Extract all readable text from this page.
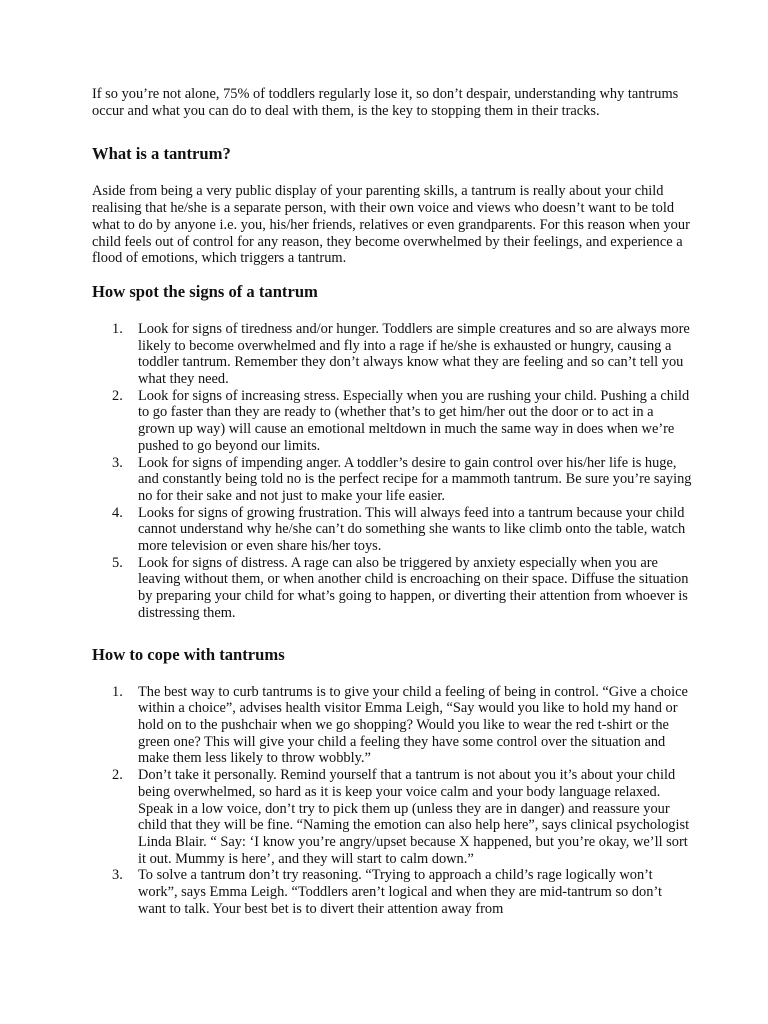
If so you’re not alone, 75% of toddlers regularly lose it, so don’t despair, understanding why tantrums occur and what you can do to deal with them, is the key to stopping them in their tracks.

What is a tantrum?

Aside from being a very public display of your parenting skills, a tantrum is really about your child realising that he/she is a separate person, with their own voice and views who doesn’t want to be told what to do by anyone i.e. you, his/her friends, relatives or even grandparents. For this reason when your child feels out of control for any reason, they become overwhelmed by their feelings, and experience a flood of emotions, which triggers a tantrum.

How spot the signs of a tantrum
1. Look for signs of tiredness and/or hunger. Toddlers are simple creatures and so are always more likely to become overwhelmed and fly into a rage if he/she is exhausted or hungry, causing a toddler tantrum. Remember they don’t always know what they are feeling and so can’t tell you what they need.
2. Look for signs of increasing stress. Especially when you are rushing your child. Pushing a child to go faster than they are ready to (whether that’s to get him/her out the door or to act in a grown up way) will cause an emotional meltdown in much the same way in does when we’re pushed to go beyond our limits.
3. Look for signs of impending anger. A toddler’s desire to gain control over his/her life is huge, and constantly being told no is the perfect recipe for a mammoth tantrum. Be sure you’re saying no for their sake and not just to make your life easier.
4. Looks for signs of growing frustration. This will always feed into a tantrum because your child cannot understand why he/she can’t do something she wants to like climb onto the table, watch more television or even share his/her toys.
5. Look for signs of distress. A rage can also be triggered by anxiety especially when you are leaving without them, or when another child is encroaching on their space. Diffuse the situation by preparing your child for what’s going to happen, or diverting their attention from whoever is distressing them.
How to cope with tantrums
1. The best way to curb tantrums is to give your child a feeling of being in control. “Give a choice within a choice”, advises health visitor Emma Leigh, “Say would you like to hold my hand or hold on to the pushchair when we go shopping? Would you like to wear the red t-shirt or the green one? This will give your child a feeling they have some control over the situation and make them less likely to throw wobbly.”
2. Don’t take it personally. Remind yourself that a tantrum is not about you it’s about your child being overwhelmed, so hard as it is keep your voice calm and your body language relaxed. Speak in a low voice, don’t try to pick them up (unless they are in danger) and reassure your child that they will be fine. “Naming the emotion can also help here”, says clinical psychologist Linda Blair. “ Say: ‘I know you’re angry/upset because X happened, but you’re okay, we’ll sort it out. Mummy is here’, and they will start to calm down.”
3. To solve a tantrum don’t try reasoning. “Trying to approach a child’s rage logically won’t work”, says Emma Leigh. “Toddlers aren’t logical and when they are mid-tantrum so don’t want to talk. Your best bet is to divert their attention away from
